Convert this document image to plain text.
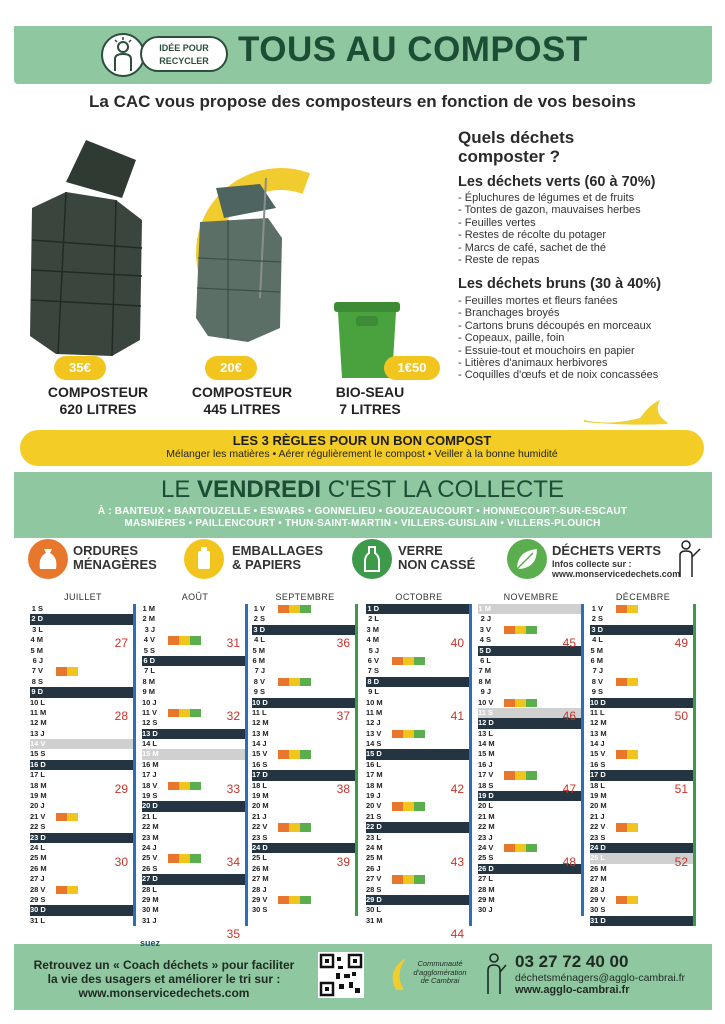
IDÉE POUR RECYCLER TOUS AU COMPOST
La CAC vous propose des composteurs en fonction de vos besoins
35€	20€	1€50
COMPOSTEUR
620 LITRES
COMPOSTEUR
445 LITRES
BIO-SEAU
7 LITRES
Quels déchets composter ?
Les déchets verts (60 à 70%)
- Épluchures de légumes et de fruits
- Tontes de gazon, mauvaises herbes
- Feuilles vertes
- Restes de récolte du potager
- Marcs de café, sachet de thé
- Reste de repas
Les déchets bruns (30 à 40%)
- Feuilles mortes et fleurs fanées
- Branchages broyés
- Cartons bruns découpés en morceaux
- Copeaux, paille, foin
- Essuie-tout et mouchoirs en papier
- Litières d'animaux herbivores
- Coquilles d'œufs et de noix concassées
LES 3 RÈGLES POUR UN BON COMPOST
Mélanger les matières • Aérer régulièrement le compost • Veiller à la bonne humidité
LE VENDREDI C'EST LA COLLECTE
À : BANTEUX • BANTOUZELLE • ESWARS • GONNELIEU • GOUZEAUCOURT • HONNECOURT-SUR-ESCAUT
MASNIÈRES • PAILLENCOURT • THUN-SAINT-MARTIN • VILLERS-GUISLAIN • VILLERS-PLOUICH
ORDURES
MÉNAGÈRES
EMBALLAGES
& PAPIERS
VERRE
NON CASSÉ
DÉCHETS VERTS
Infos collecte sur :
www.monservicedechets.com
JUILLET
1 S
2 D
3 L
4 M
5 M
6 J
7 V
8 S
9 D
10 L
11 M
12 M
13 J
14 V
15 S
16 D
17 L
18 M
19 M
20 J
21 V
22 S
23 D
24 L
25 M
26 M
27 J
28 V
29 S
30 D
31 L
27
28
29
30
AOÛT
1 M
2 M
3 J
4 V
5 S
6 D
7 L
8 M
9 M
10 J
11 V
12 S
13 D
14 L
15 M
16 M
17 J
18 V
19 S
20 D
21 L
22 M
23 M
24 J
25 V
26 S
27 D
28 L
29 M
30 M
31 J
31
32
33
34
35
SEPTEMBRE
1 V
2 S
3 D
4 L
5 M
6 M
7 J
8 V
9 S
10 D
11 L
12 M
13 M
14 J
15 V
16 S
17 D
18 L
19 M
20 M
21 J
22 V
23 S
24 D
25 L
26 M
27 M
28 J
29 V
30 S
36
37
38
39
OCTOBRE
1 D
2 L
3 M
4 M
5 J
6 V
7 S
8 D
9 L
10 M
11 M
12 J
13 V
14 S
15 D
16 L
17 M
18 M
19 J
20 V
21 S
22 D
23 L
24 M
25 M
26 J
27 V
28 S
29 D
30 L
31 M
40
41
42
43
44
NOVEMBRE
1 M
2 J
3 V
4 S
5 D
6 L
7 M
8 M
9 J
10 V
11 S
12 D
13 L
14 M
15 M
16 J
17 V
18 S
19 D
20 L
21 M
22 M
23 J
24 V
25 S
26 D
27 L
28 M
29 M
30 J
45
46
47
48
DÉCEMBRE
1 V
2 S
3 D
4 L
5 M
6 M
7 J
8 V
9 S
10 D
11 L
12 M
13 M
14 J
15 V
16 S
17 D
18 L
19 M
20 M
21 J
22 V
23 S
24 D
25 L
26 M
27 M
28 J
29 V
30 S
31 D
49
50
51
52
suez
Retrouvez un « Coach déchets » pour faciliter la vie des usagers et améliorer le tri sur :
www.monservicedechets.com
Communauté
d'agglomération
de Cambrai
03 27 72 40 00
déchetsménagers@agglo-cambrai.fr
www.agglo-cambrai.fr
